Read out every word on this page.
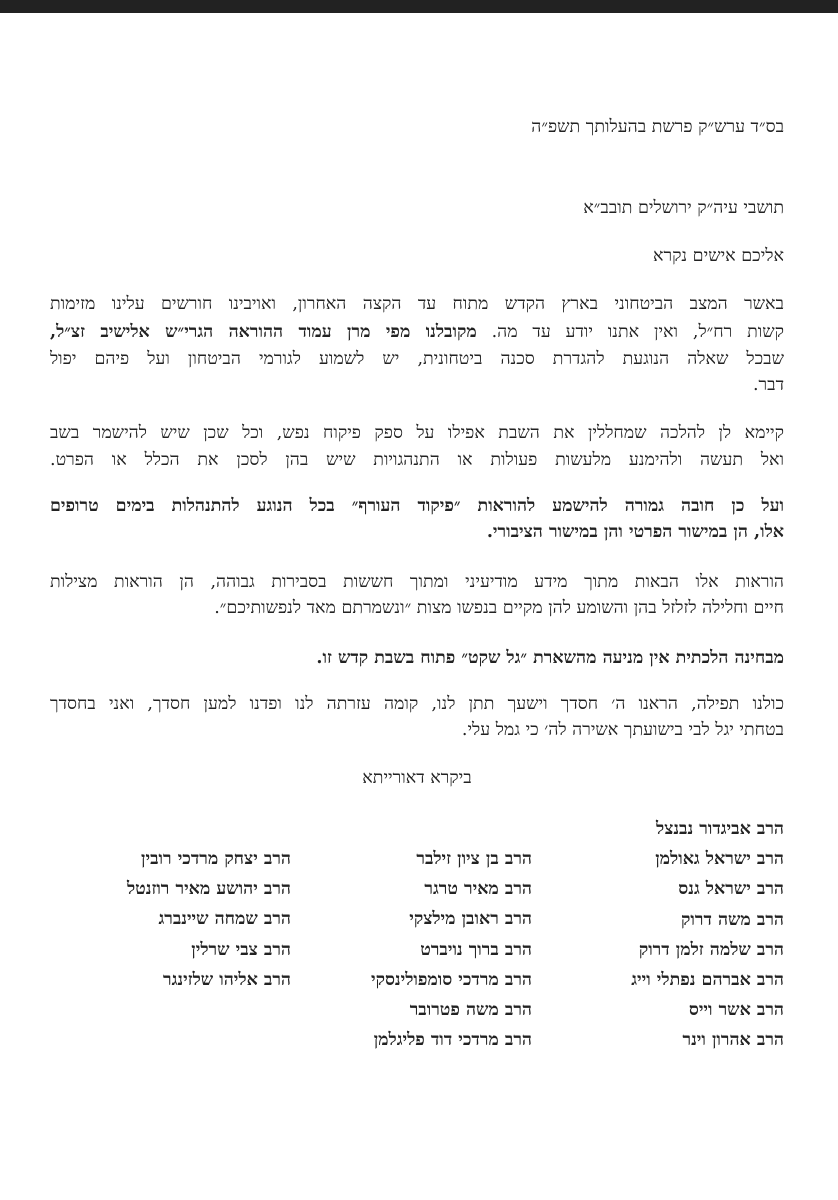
בס״ד ערש״ק פרשת בהעלותך תשפ״ה
תושבי עיה״ק ירושלים תובב״א
אליכם אישים נקרא
באשר המצב הביטחוני בארץ הקדש מתוח עד הקצה האחרון, ואויבינו חורשים עלינו מזימות
קשות רח״ל, ואין אתנו יודע עד מה. מקובלנו מפי מרן עמוד ההוראה הגרי״ש אלישיב זצ״ל,
שבכל שאלה הנוגעת להגדרת סכנה ביטחונית, יש לשמוע לגורמי הביטחון ועל פיהם יפול
דבר.
קיימא לן להלכה שמחללין את השבת אפילו על ספק פיקוח נפש, וכל שכן שיש להישמר בשב
ואל תעשה ולהימנע מלעשות פעולות או התנהגויות שיש בהן לסכן את הכלל או הפרט.
ועל כן חובה גמורה להישמע להוראות ״פיקוד העורף״ בכל הנוגע להתנהלות בימים טרופים
אלו, הן במישור הפרטי והן במישור הציבורי.
הוראות אלו הבאות מתוך מידע מודיעיני ומתוך חששות בסבירות גבוהה, הן הוראות מצילות
חיים וחלילה לזלזל בהן והשומע להן מקיים בנפשו מצות ״ונשמרתם מאד לנפשותיכם״.
מבחינה הלכתית אין מניעה מהשארת ״גל שקט״ פתוח בשבת קדש זו.
כולנו תפילה, הראנו ה׳ חסדך וישעך תתן לנו, קומה עזרתה לנו ופדנו למען חסדך, ואני בחסדך
בטחתי יגל לבי בישועתך אשירה לה׳ כי גמל עלי.
ביקרא דאורייתא
הרב אביגדור נבנצל
הרב ישראל גאולמן
הרב ישראל גנס
הרב משה דרוק
הרב שלמה זלמן דרוק
הרב אברהם נפתלי וייג
הרב אשר וייס
הרב אהרון וינר
הרב בן ציון זילבר
הרב מאיר טרגר
הרב ראובן מילצקי
הרב ברוך נויברט
הרב מרדכי סומפולינסקי
הרב משה פטרובר
הרב מרדכי דוד פליגלמן
הרב יצחק מרדכי רובין
הרב יהושע מאיר רוזנטל
הרב שמחה שיינברג
הרב צבי שרלין
הרב אליהו שלזינגר
